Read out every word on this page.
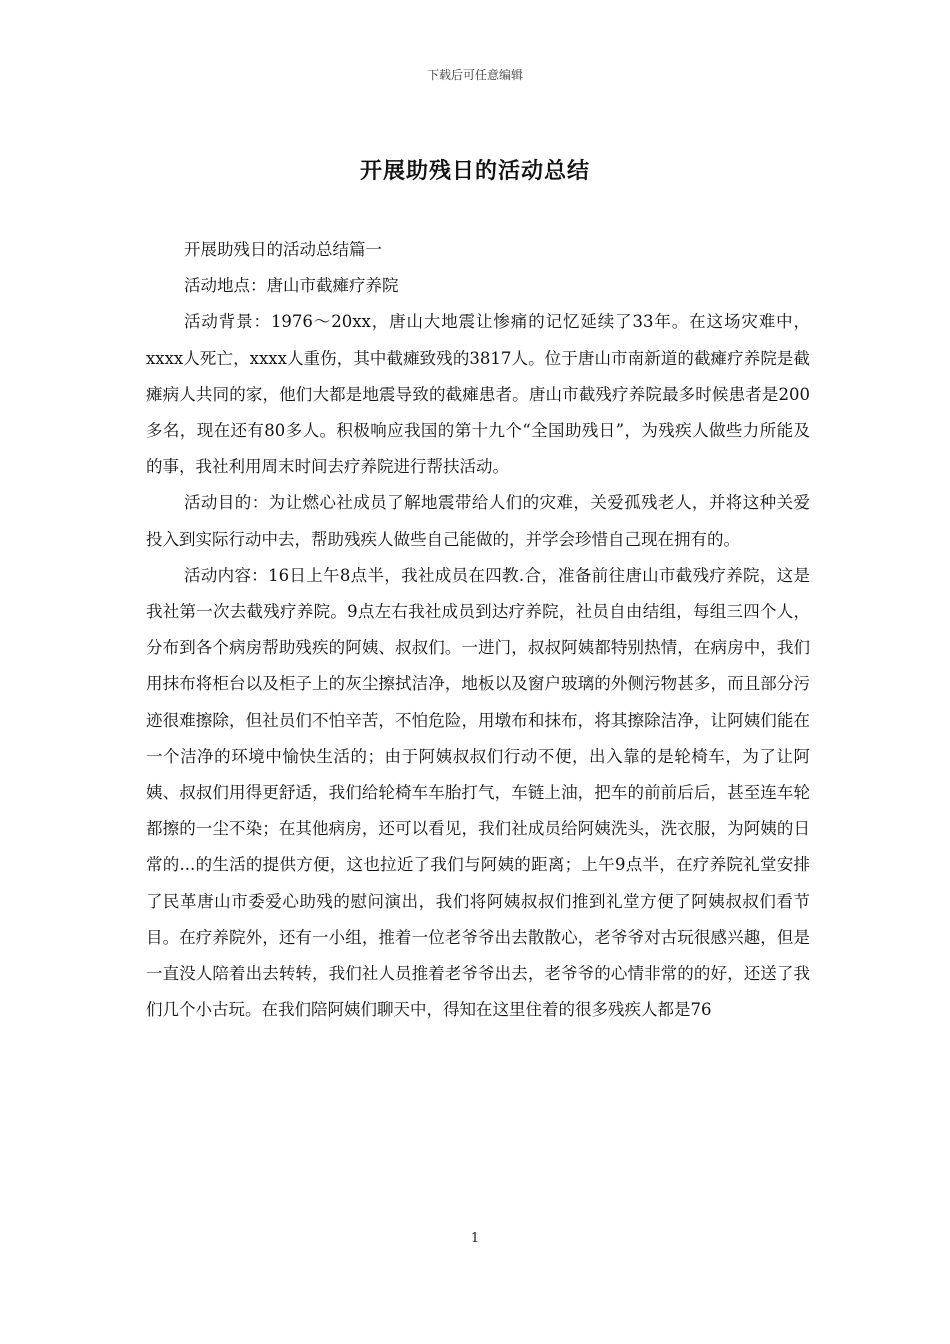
下载后可任意编辑
开展助残日的活动总结

开展助残日的活动总结篇一

活动地点：唐山市截瘫疗养院

活动背景：1976～20xx，唐山大地震让惨痛的记忆延续了33年。在这场灾难中，xxxx人死亡，xxxx人重伤，其中截瘫致残的3817人。位于唐山市南新道的截瘫疗养院是截瘫病人共同的家，他们大都是地震导致的截瘫患者。唐山市截残疗养院最多时候患者是200多名，现在还有80多人。积极响应我国的第十九个“全国助残日”，为残疾人做些力所能及的事，我社利用周末时间去疗养院进行帮扶活动。

活动目的：为让燃心社成员了解地震带给人们的灾难，关爱孤残老人，并将这种关爱投入到实际行动中去，帮助残疾人做些自己能做的，并学会珍惜自己现在拥有的。

活动内容：16日上午8点半，我社成员在四教.合，准备前往唐山市截残疗养院，这是我社第一次去截残疗养院。9点左右我社成员到达疗养院，社员自由结组，每组三四个人，分布到各个病房帮助残疾的阿姨、叔叔们。一进门，叔叔阿姨都特别热情，在病房中，我们用抹布将柜台以及柜子上的灰尘擦拭洁净，地板以及窗户玻璃的外侧污物甚多，而且部分污迹很难擦除，但社员们不怕辛苦，不怕危险，用墩布和抹布，将其擦除洁净，让阿姨们能在一个洁净的环境中愉快生活的；由于阿姨叔叔们行动不便，出入靠的是轮椅车，为了让阿姨、叔叔们用得更舒适，我们给轮椅车车胎打气，车链上油，把车的前前后后，甚至连车轮都擦的一尘不染；在其他病房，还可以看见，我们社成员给阿姨洗头，洗衣服，为阿姨的日常的...的生活的提供方便，这也拉近了我们与阿姨的距离；上午9点半，在疗养院礼堂安排了民革唐山市委爱心助残的慰问演出，我们将阿姨叔叔们推到礼堂方便了阿姨叔叔们看节目。在疗养院外，还有一小组，推着一位老爷爷出去散散心，老爷爷对古玩很感兴趣，但是一直没人陪着出去转转，我们社人员推着老爷爷出去，老爷爷的心情非常的的好，还送了我们几个小古玩。在我们陪阿姨们聊天中，得知在这里住着的很多残疾人都是76

1
